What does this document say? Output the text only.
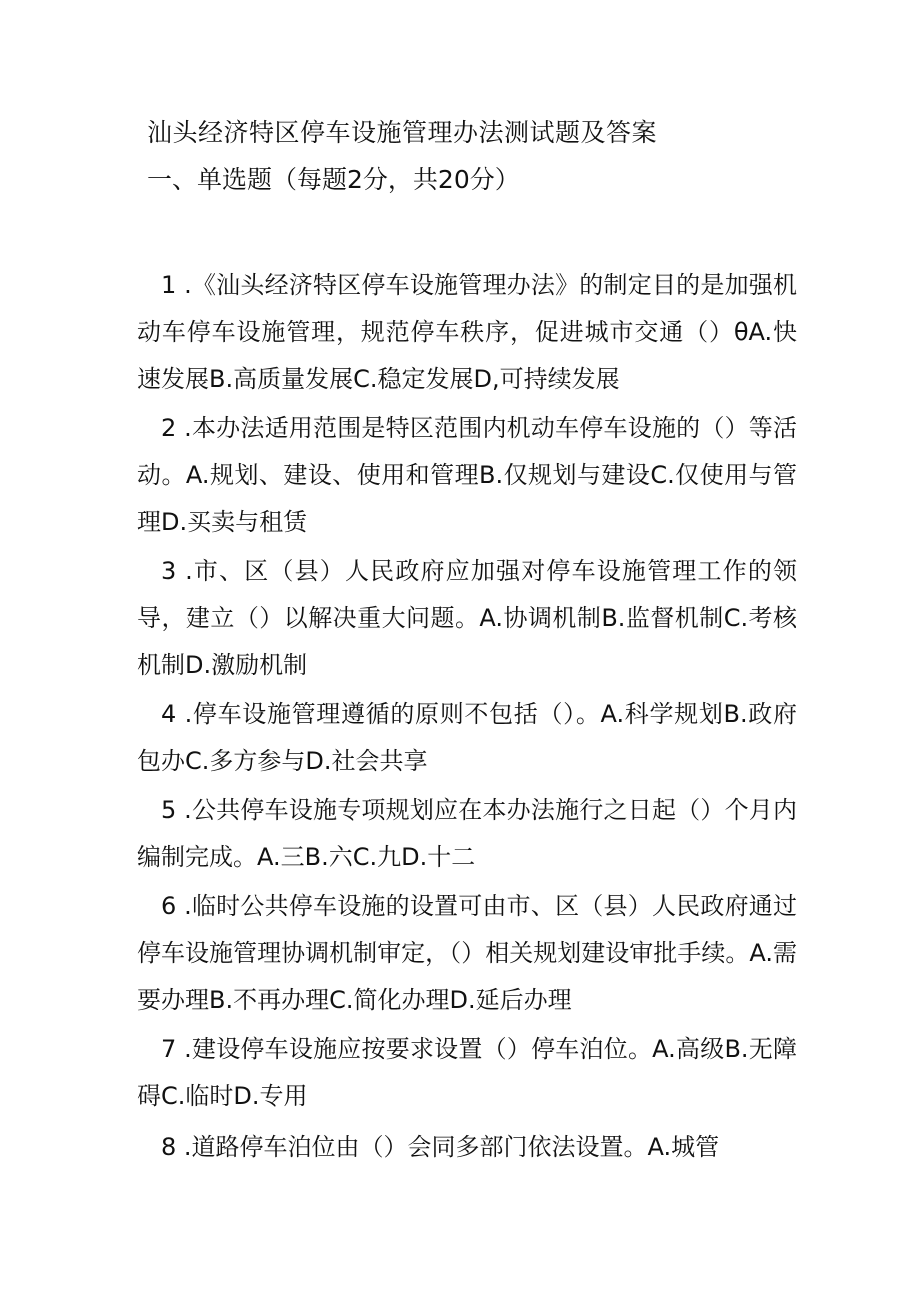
汕头经济特区停车设施管理办法测试题及答案
一、单选题（每题2分，共20分）

1 .《汕头经济特区停车设施管理办法》的制定目的是加强机动车停车设施管理，规范停车秩序，促进城市交通（）θA.快速发展B.高质量发展C.稳定发展D,可持续发展

2 .本办法适用范围是特区范围内机动车停车设施的（）等活动。A.规划、建设、使用和管理B.仅规划与建设C.仅使用与管理D.买卖与租赁

3 .市、区（县）人民政府应加强对停车设施管理工作的领导，建立（）以解决重大问题。A.协调机制B.监督机制C.考核机制D.激励机制

4 .停车设施管理遵循的原则不包括（）。A.科学规划B.政府包办C.多方参与D.社会共享

5 .公共停车设施专项规划应在本办法施行之日起（）个月内编制完成。A.三B.六C.九D.十二

6 .临时公共停车设施的设置可由市、区（县）人民政府通过停车设施管理协调机制审定，（）相关规划建设审批手续。A.需要办理B.不再办理C.简化办理D.延后办理

7 .建设停车设施应按要求设置（）停车泊位。A.高级B.无障碍C.临时D.专用

8 .道路停车泊位由（）会同多部门依法设置。A.城管
